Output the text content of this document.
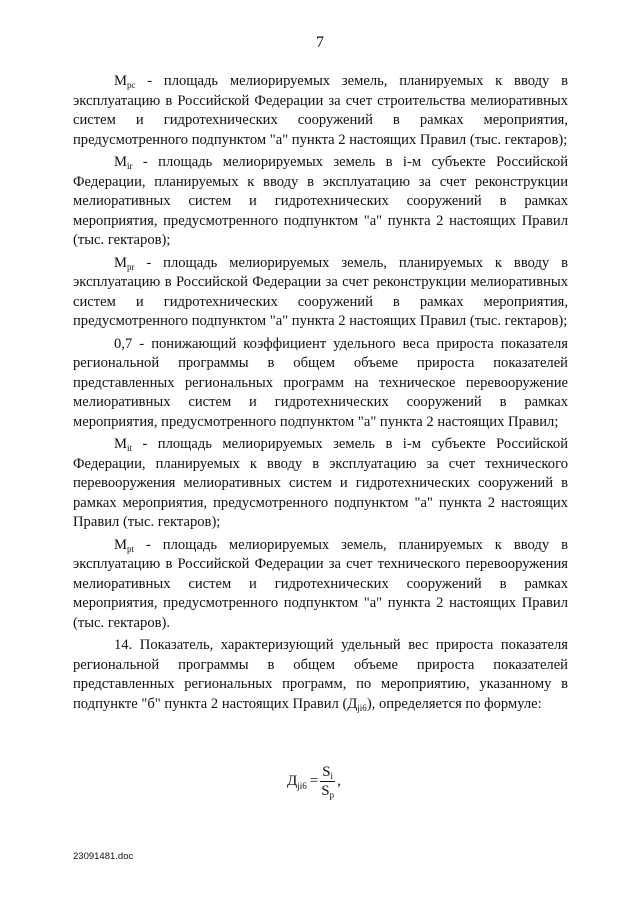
7

$M_{pc}$ - площадь мелиорируемых земель, планируемых к вводу в эксплуатацию в Российской Федерации за счет строительства мелиоративных систем и гидротехнических сооружений в рамках мероприятия, предусмотренного подпунктом "а" пункта 2 настоящих Правил (тыс. гектаров);

$M_{ir}$ - площадь мелиорируемых земель в i-м субъекте Российской Федерации, планируемых к вводу в эксплуатацию за счет реконструкции мелиоративных систем и гидротехнических сооружений в рамках мероприятия, предусмотренного подпунктом "а" пункта 2 настоящих Правил (тыс. гектаров);

$M_{pr}$ - площадь мелиорируемых земель, планируемых к вводу в эксплуатацию в Российской Федерации за счет реконструкции мелиоративных систем и гидротехнических сооружений в рамках мероприятия, предусмотренного подпунктом "а" пункта 2 настоящих Правил (тыс. гектаров);

0,7 - понижающий коэффициент удельного веса прироста показателя региональной программы в общем объеме прироста показателей представленных региональных программ на техническое перевооружение мелиоративных систем и гидротехнических сооружений в рамках мероприятия, предусмотренного подпунктом "а" пункта 2 настоящих Правил;

$M_{it}$ - площадь мелиорируемых земель в i-м субъекте Российской Федерации, планируемых к вводу в эксплуатацию за счет технического перевооружения мелиоративных систем и гидротехнических сооружений в рамках мероприятия, предусмотренного подпунктом "а" пункта 2 настоящих Правил (тыс. гектаров);

$M_{pt}$ - площадь мелиорируемых земель, планируемых к вводу в эксплуатацию в Российской Федерации за счет технического перевооружения мелиоративных систем и гидротехнических сооружений в рамках мероприятия, предусмотренного подпунктом "а" пункта 2 настоящих Правил (тыс. гектаров).

14. Показатель, характеризующий удельный вес прироста показателя региональной программы в общем объеме прироста показателей представленных региональных программ, по мероприятию, указанному в подпункте "б" пункта 2 настоящих Правил $(Д_{ji6})$, определяется по формуле:

$Д_{ji6} = \frac{S_i}{S_p}$ ,
23091481.doc
